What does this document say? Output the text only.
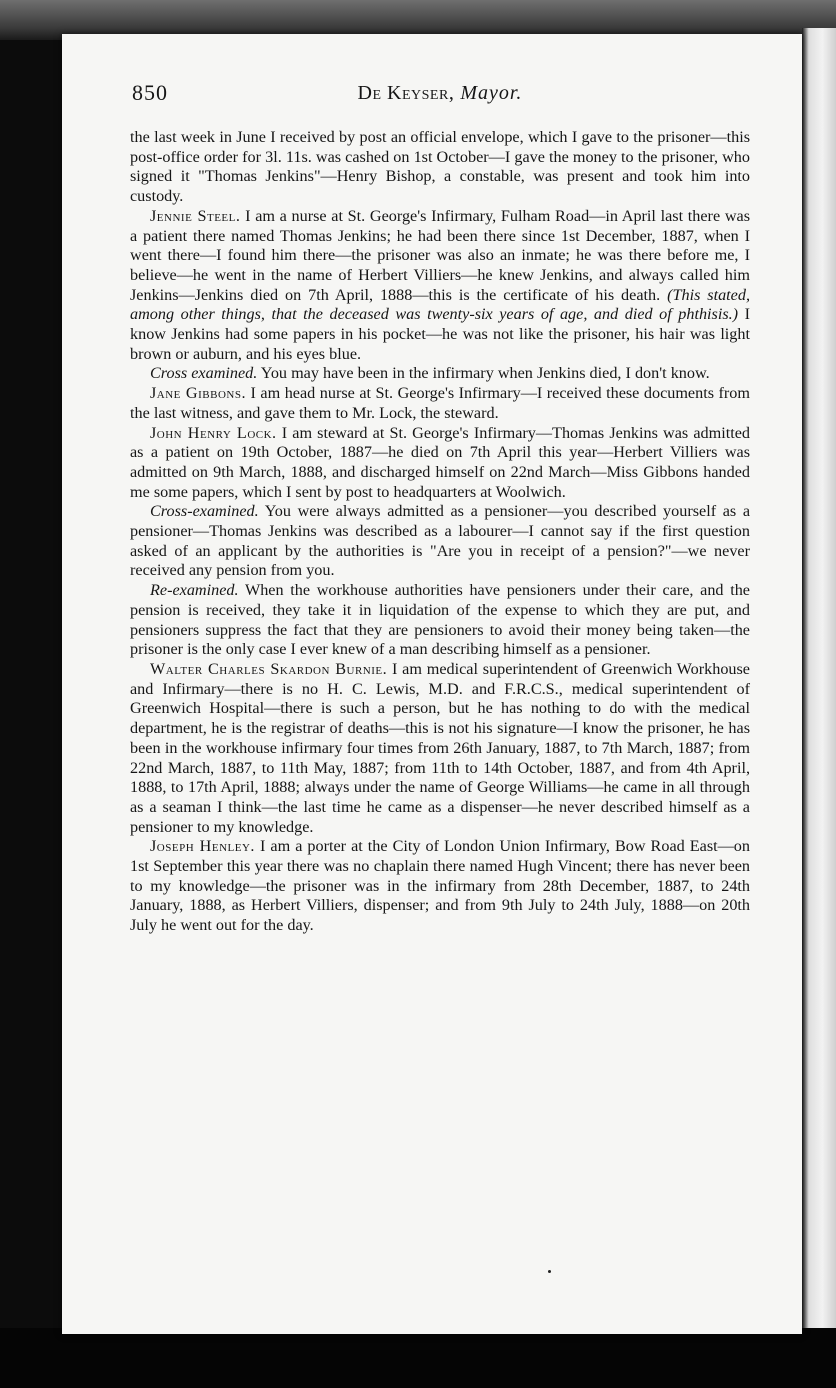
850	De Keyser, Mayor.

the last week in June I received by post an official envelope, which I gave to the prisoner—this post-office order for 3l. 11s. was cashed on 1st October—I gave the money to the prisoner, who signed it "Thomas Jenkins"—Henry Bishop, a constable, was present and took him into custody.

Jennie Steel. I am a nurse at St. George's Infirmary, Fulham Road—in April last there was a patient there named Thomas Jenkins; he had been there since 1st December, 1887, when I went there—I found him there—the prisoner was also an inmate; he was there before me, I believe—he went in the name of Herbert Villiers—he knew Jenkins, and always called him Jenkins—Jenkins died on 7th April, 1888—this is the certificate of his death. (This stated, among other things, that the deceased was twenty-six years of age, and died of phthisis.) I know Jenkins had some papers in his pocket—he was not like the prisoner, his hair was light brown or auburn, and his eyes blue.

Cross examined. You may have been in the infirmary when Jenkins died, I don't know.

Jane Gibbons. I am head nurse at St. George's Infirmary—I received these documents from the last witness, and gave them to Mr. Lock, the steward.

John Henry Lock. I am steward at St. George's Infirmary—Thomas Jenkins was admitted as a patient on 19th October, 1887—he died on 7th April this year—Herbert Villiers was admitted on 9th March, 1888, and discharged himself on 22nd March—Miss Gibbons handed me some papers, which I sent by post to headquarters at Woolwich.

Cross-examined. You were always admitted as a pensioner—you described yourself as a pensioner—Thomas Jenkins was described as a labourer—I cannot say if the first question asked of an applicant by the authorities is "Are you in receipt of a pension?"—we never received any pension from you.

Re-examined. When the workhouse authorities have pensioners under their care, and the pension is received, they take it in liquidation of the expense to which they are put, and pensioners suppress the fact that they are pensioners to avoid their money being taken—the prisoner is the only case I ever knew of a man describing himself as a pensioner.

Walter Charles Skardon Burnie. I am medical superintendent of Greenwich Workhouse and Infirmary—there is no H. C. Lewis, M.D. and F.R.C.S., medical superintendent of Greenwich Hospital—there is such a person, but he has nothing to do with the medical department, he is the registrar of deaths—this is not his signature—I know the prisoner, he has been in the workhouse infirmary four times from 26th January, 1887, to 7th March, 1887; from 22nd March, 1887, to 11th May, 1887; from 11th to 14th October, 1887, and from 4th April, 1888, to 17th April, 1888; always under the name of George Williams—he came in all through as a seaman I think—the last time he came as a dispenser—he never described himself as a pensioner to my knowledge.

Joseph Henley. I am a porter at the City of London Union Infirmary, Bow Road East—on 1st September this year there was no chaplain there named Hugh Vincent; there has never been to my knowledge—the prisoner was in the infirmary from 28th December, 1887, to 24th January, 1888, as Herbert Villiers, dispenser; and from 9th July to 24th July, 1888—on 20th July he went out for the day.
